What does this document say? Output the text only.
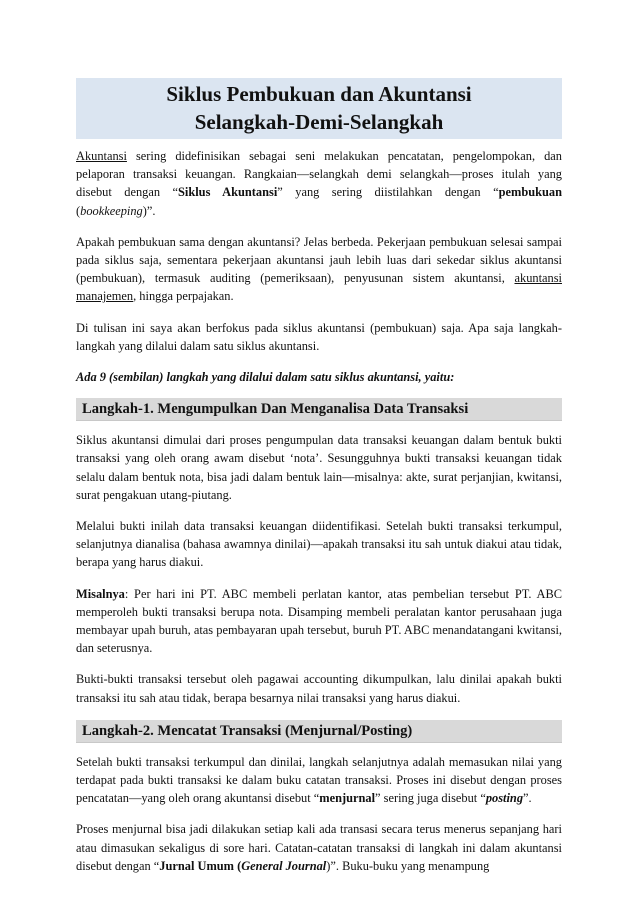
Siklus Pembukuan dan Akuntansi
Selangkah-Demi-Selangkah

Akuntansi sering didefinisikan sebagai seni melakukan pencatatan, pengelompokan, dan pelaporan transaksi keuangan. Rangkaian—selangkah demi selangkah—proses itulah yang disebut dengan “Siklus Akuntansi” yang sering diistilahkan dengan “pembukuan (bookkeeping)”.

Apakah pembukuan sama dengan akuntansi? Jelas berbeda. Pekerjaan pembukuan selesai sampai pada siklus saja, sementara pekerjaan akuntansi jauh lebih luas dari sekedar siklus akuntansi (pembukuan), termasuk auditing (pemeriksaan), penyusunan sistem akuntansi, akuntansi manajemen, hingga perpajakan.

Di tulisan ini saya akan berfokus pada siklus akuntansi (pembukuan) saja. Apa saja langkah-langkah yang dilalui dalam satu siklus akuntansi.

Ada 9 (sembilan) langkah yang dilalui dalam satu siklus akuntansi, yaitu:

Langkah-1. Mengumpulkan Dan Menganalisa Data Transaksi

Siklus akuntansi dimulai dari proses pengumpulan data transaksi keuangan dalam bentuk bukti transaksi yang oleh orang awam disebut ‘nota’. Sesungguhnya bukti transaksi keuangan tidak selalu dalam bentuk nota, bisa jadi dalam bentuk lain—misalnya: akte, surat perjanjian, kwitansi, surat pengakuan utang-piutang.

Melalui bukti inilah data transaksi keuangan diidentifikasi. Setelah bukti transaksi terkumpul, selanjutnya dianalisa (bahasa awamnya dinilai)—apakah transaksi itu sah untuk diakui atau tidak, berapa yang harus diakui.

Misalnya: Per hari ini PT. ABC membeli perlatan kantor, atas pembelian tersebut PT. ABC memperoleh bukti transaksi berupa nota. Disamping membeli peralatan kantor perusahaan juga membayar upah buruh, atas pembayaran upah tersebut, buruh PT. ABC menandatangani kwitansi, dan seterusnya.

Bukti-bukti transaksi tersebut oleh pagawai accounting dikumpulkan, lalu dinilai apakah bukti transaksi itu sah atau tidak, berapa besarnya nilai transaksi yang harus diakui.

Langkah-2. Mencatat Transaksi (Menjurnal/Posting)

Setelah bukti transaksi terkumpul dan dinilai, langkah selanjutnya adalah memasukan nilai yang terdapat pada bukti transaksi ke dalam buku catatan transaksi. Proses ini disebut dengan proses pencatatan—yang oleh orang akuntansi disebut “menjurnal” sering juga disebut “posting”.

Proses menjurnal bisa jadi dilakukan setiap kali ada transasi secara terus menerus sepanjang hari atau dimasukan sekaligus di sore hari. Catatan-catatan transaksi di langkah ini dalam akuntansi disebut dengan “Jurnal Umum (General Journal)”. Buku-buku yang menampung
